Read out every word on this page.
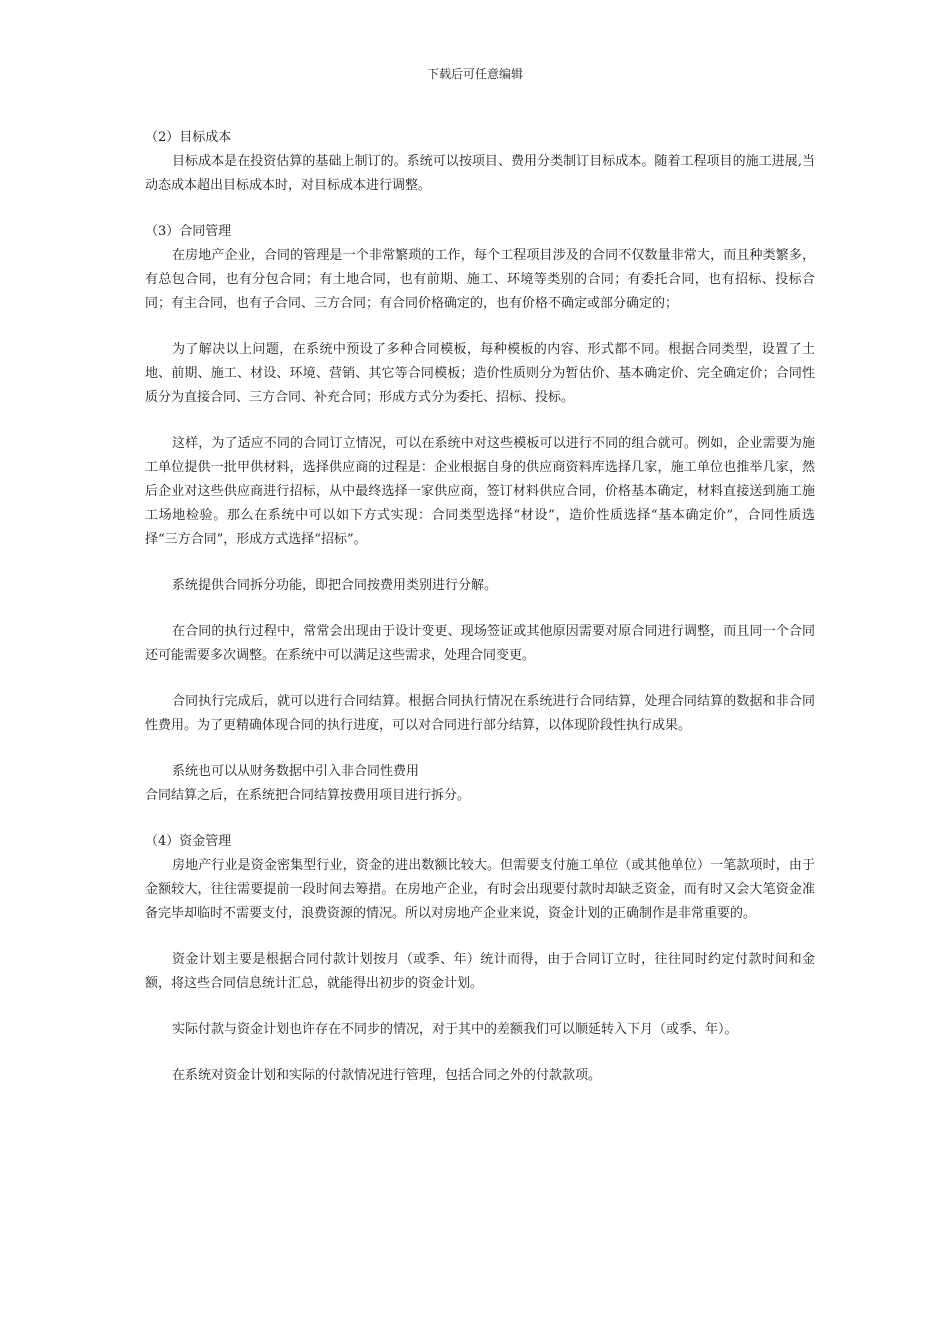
下载后可任意编辑

（2）目标成本

目标成本是在投资估算的基础上制订的。系统可以按项目、费用分类制订目标成本。随着工程项目的施工进展,当动态成本超出目标成本时，对目标成本进行调整。

（3）合同管理

在房地产企业，合同的管理是一个非常繁琐的工作，每个工程项目涉及的合同不仅数量非常大，而且种类繁多，有总包合同，也有分包合同；有土地合同，也有前期、施工、环境等类别的合同；有委托合同，也有招标、投标合同；有主合同，也有子合同、三方合同；有合同价格确定的，也有价格不确定或部分确定的；

为了解决以上问题，在系统中预设了多种合同模板，每种模板的内容、形式都不同。根据合同类型，设置了土地、前期、施工、材设、环境、营销、其它等合同模板；造价性质则分为暂估价、基本确定价、完全确定价；合同性质分为直接合同、三方合同、补充合同；形成方式分为委托、招标、投标。

这样，为了适应不同的合同订立情况，可以在系统中对这些模板可以进行不同的组合就可。例如，企业需要为施工单位提供一批甲供材料，选择供应商的过程是：企业根据自身的供应商资料库选择几家，施工单位也推举几家，然后企业对这些供应商进行招标，从中最终选择一家供应商，签订材料供应合同，价格基本确定，材料直接送到施工施工场地检验。那么在系统中可以如下方式实现：合同类型选择“材设”，造价性质选择“基本确定价”，合同性质选择“三方合同”，形成方式选择“招标”。

系统提供合同拆分功能，即把合同按费用类别进行分解。

在合同的执行过程中，常常会出现由于设计变更、现场签证或其他原因需要对原合同进行调整，而且同一个合同还可能需要多次调整。在系统中可以满足这些需求，处理合同变更。

合同执行完成后，就可以进行合同结算。根据合同执行情况在系统进行合同结算，处理合同结算的数据和非合同性费用。为了更精确体现合同的执行进度，可以对合同进行部分结算，以体现阶段性执行成果。

系统也可以从财务数据中引入非合同性费用

合同结算之后，在系统把合同结算按费用项目进行拆分。

（4）资金管理

房地产行业是资金密集型行业，资金的进出数额比较大。但需要支付施工单位（或其他单位）一笔款项时，由于金额较大，往往需要提前一段时间去筹措。在房地产企业，有时会出现要付款时却缺乏资金，而有时又会大笔资金准备完毕却临时不需要支付，浪费资源的情况。所以对房地产企业来说，资金计划的正确制作是非常重要的。

资金计划主要是根据合同付款计划按月（或季、年）统计而得，由于合同订立时，往往同时约定付款时间和金额，将这些合同信息统计汇总，就能得出初步的资金计划。

实际付款与资金计划也许存在不同步的情况，对于其中的差额我们可以顺延转入下月（或季、年）。

在系统对资金计划和实际的付款情况进行管理，包括合同之外的付款款项。
